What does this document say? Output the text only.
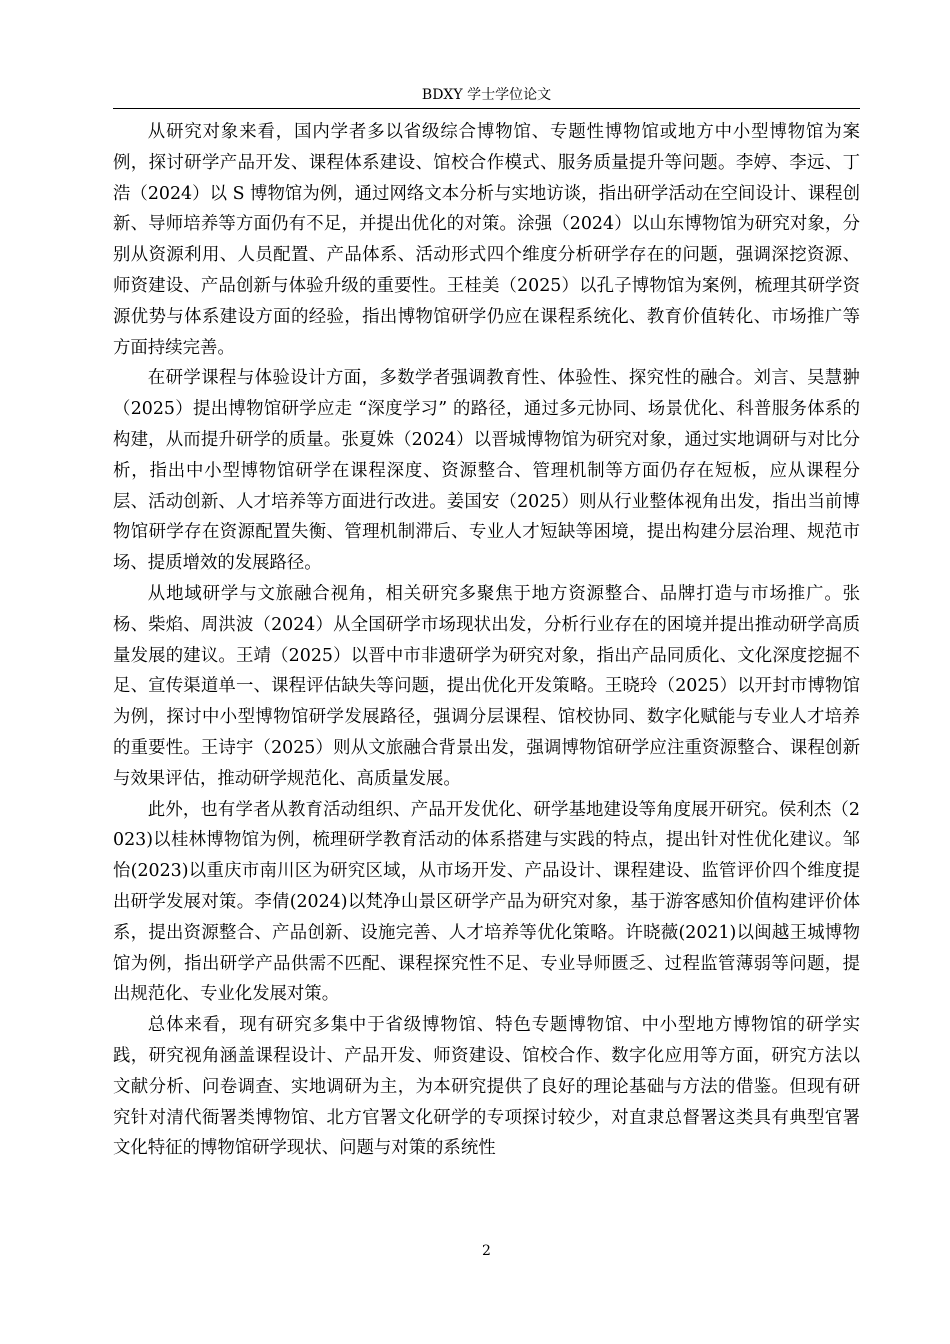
BDXY 学士学位论文

从研究对象来看，国内学者多以省级综合博物馆、专题性博物馆或地方中小型博物馆为案例，探讨研学产品开发、课程体系建设、馆校合作模式、服务质量提升等问题。李婷、李远、丁浩（2024）以 S 博物馆为例，通过网络文本分析与实地访谈，指出研学活动在空间设计、课程创新、导师培养等方面仍有不足，并提出优化的对策。涂强（2024）以山东博物馆为研究对象，分别从资源利用、人员配置、产品体系、活动形式四个维度分析研学存在的问题，强调深挖资源、师资建设、产品创新与体验升级的重要性。王桂美（2025）以孔子博物馆为案例，梳理其研学资源优势与体系建设方面的经验，指出博物馆研学仍应在课程系统化、教育价值转化、市场推广等方面持续完善。

在研学课程与体验设计方面，多数学者强调教育性、体验性、探究性的融合。刘言、吴慧翀（2025）提出博物馆研学应走 “深度学习” 的路径，通过多元协同、场景优化、科普服务体系的构建，从而提升研学的质量。张夏姝（2024）以晋城博物馆为研究对象，通过实地调研与对比分析，指出中小型博物馆研学在课程深度、资源整合、管理机制等方面仍存在短板，应从课程分层、活动创新、人才培养等方面进行改进。姜国安（2025）则从行业整体视角出发，指出当前博物馆研学存在资源配置失衡、管理机制滞后、专业人才短缺等困境，提出构建分层治理、规范市场、提质增效的发展路径。

从地域研学与文旅融合视角，相关研究多聚焦于地方资源整合、品牌打造与市场推广。张杨、柴焰、周洪波（2024）从全国研学市场现状出发，分析行业存在的困境并提出推动研学高质量发展的建议。王靖（2025）以晋中市非遗研学为研究对象，指出产品同质化、文化深度挖掘不足、宣传渠道单一、课程评估缺失等问题，提出优化开发策略。王晓玲（2025）以开封市博物馆为例，探讨中小型博物馆研学发展路径，强调分层课程、馆校协同、数字化赋能与专业人才培养的重要性。王诗宇（2025）则从文旅融合背景出发，强调博物馆研学应注重资源整合、课程创新与效果评估，推动研学规范化、高质量发展。

此外，也有学者从教育活动组织、产品开发优化、研学基地建设等角度展开研究。侯利杰（2023)以桂林博物馆为例，梳理研学教育活动的体系搭建与实践的特点，提出针对性优化建议。邹怡(2023)以重庆市南川区为研究区域，从市场开发、产品设计、课程建设、监管评价四个维度提出研学发展对策。李倩(2024)以梵净山景区研学产品为研究对象，基于游客感知价值构建评价体系，提出资源整合、产品创新、设施完善、人才培养等优化策略。许晓薇(2021)以闽越王城博物馆为例，指出研学产品供需不匹配、课程探究性不足、专业导师匮乏、过程监管薄弱等问题，提出规范化、专业化发展对策。

总体来看，现有研究多集中于省级博物馆、特色专题博物馆、中小型地方博物馆的研学实践，研究视角涵盖课程设计、产品开发、师资建设、馆校合作、数字化应用等方面，研究方法以文献分析、问卷调查、实地调研为主，为本研究提供了良好的理论基础与方法的借鉴。但现有研究针对清代衙署类博物馆、北方官署文化研学的专项探讨较少，对直隶总督署这类具有典型官署文化特征的博物馆研学现状、问题与对策的系统性

2
